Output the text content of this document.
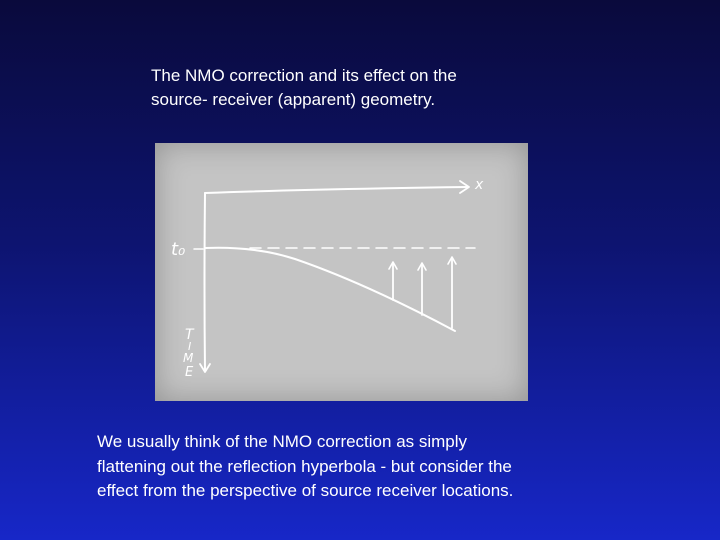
The NMO correction and its effect on the
source- receiver (apparent) geometry.
x
t₀
T
I
M
E
We usually think of the NMO correction as simply
flattening out the reflection hyperbola - but consider the
effect from the perspective of source receiver locations.
